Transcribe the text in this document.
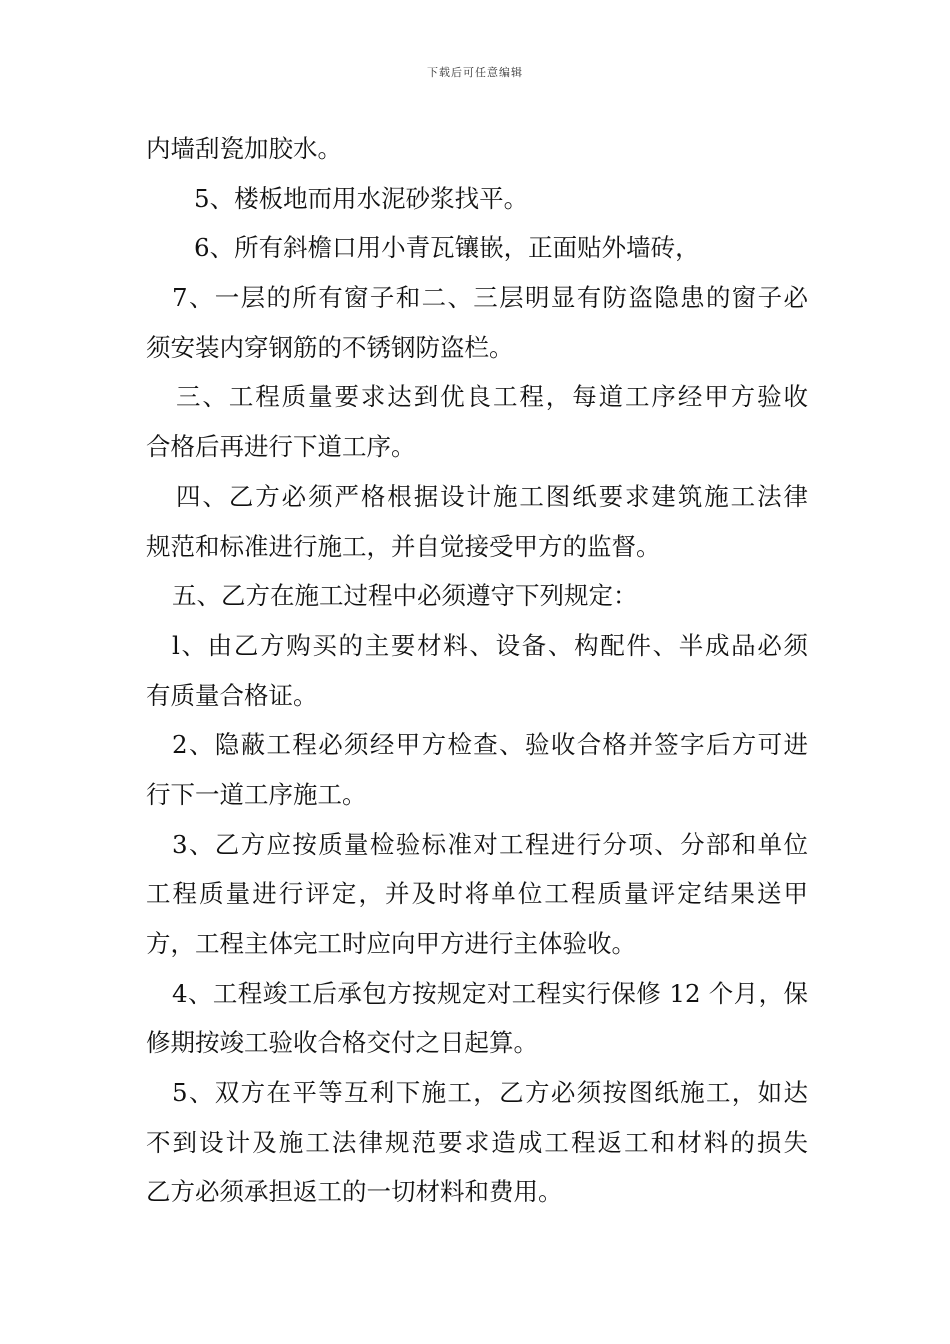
下载后可任意编辑
内墙刮瓷加胶水。
5、楼板地而用水泥砂浆找平。
6、所有斜檐口用小青瓦镶嵌，正面贴外墙砖，
7、一层的所有窗子和二、三层明显有防盗隐患的窗子必
须安装内穿钢筋的不锈钢防盗栏。
三、工程质量要求达到优良工程，每道工序经甲方验收
合格后再进行下道工序。
四、乙方必须严格根据设计施工图纸要求建筑施工法律
规范和标准进行施工，并自觉接受甲方的监督。
五、乙方在施工过程中必须遵守下列规定：
l、由乙方购买的主要材料、设备、构配件、半成品必须
有质量合格证。
2、隐蔽工程必须经甲方检查、验收合格并签字后方可进
行下一道工序施工。
3、乙方应按质量检验标准对工程进行分项、分部和单位
工程质量进行评定，并及时将单位工程质量评定结果送甲
方，工程主体完工时应向甲方进行主体验收。
4、工程竣工后承包方按规定对工程实行保修 12 个月，保
修期按竣工验收合格交付之日起算。
5、双方在平等互利下施工，乙方必须按图纸施工，如达
不到设计及施工法律规范要求造成工程返工和材料的损失
乙方必须承担返工的一切材料和费用。
